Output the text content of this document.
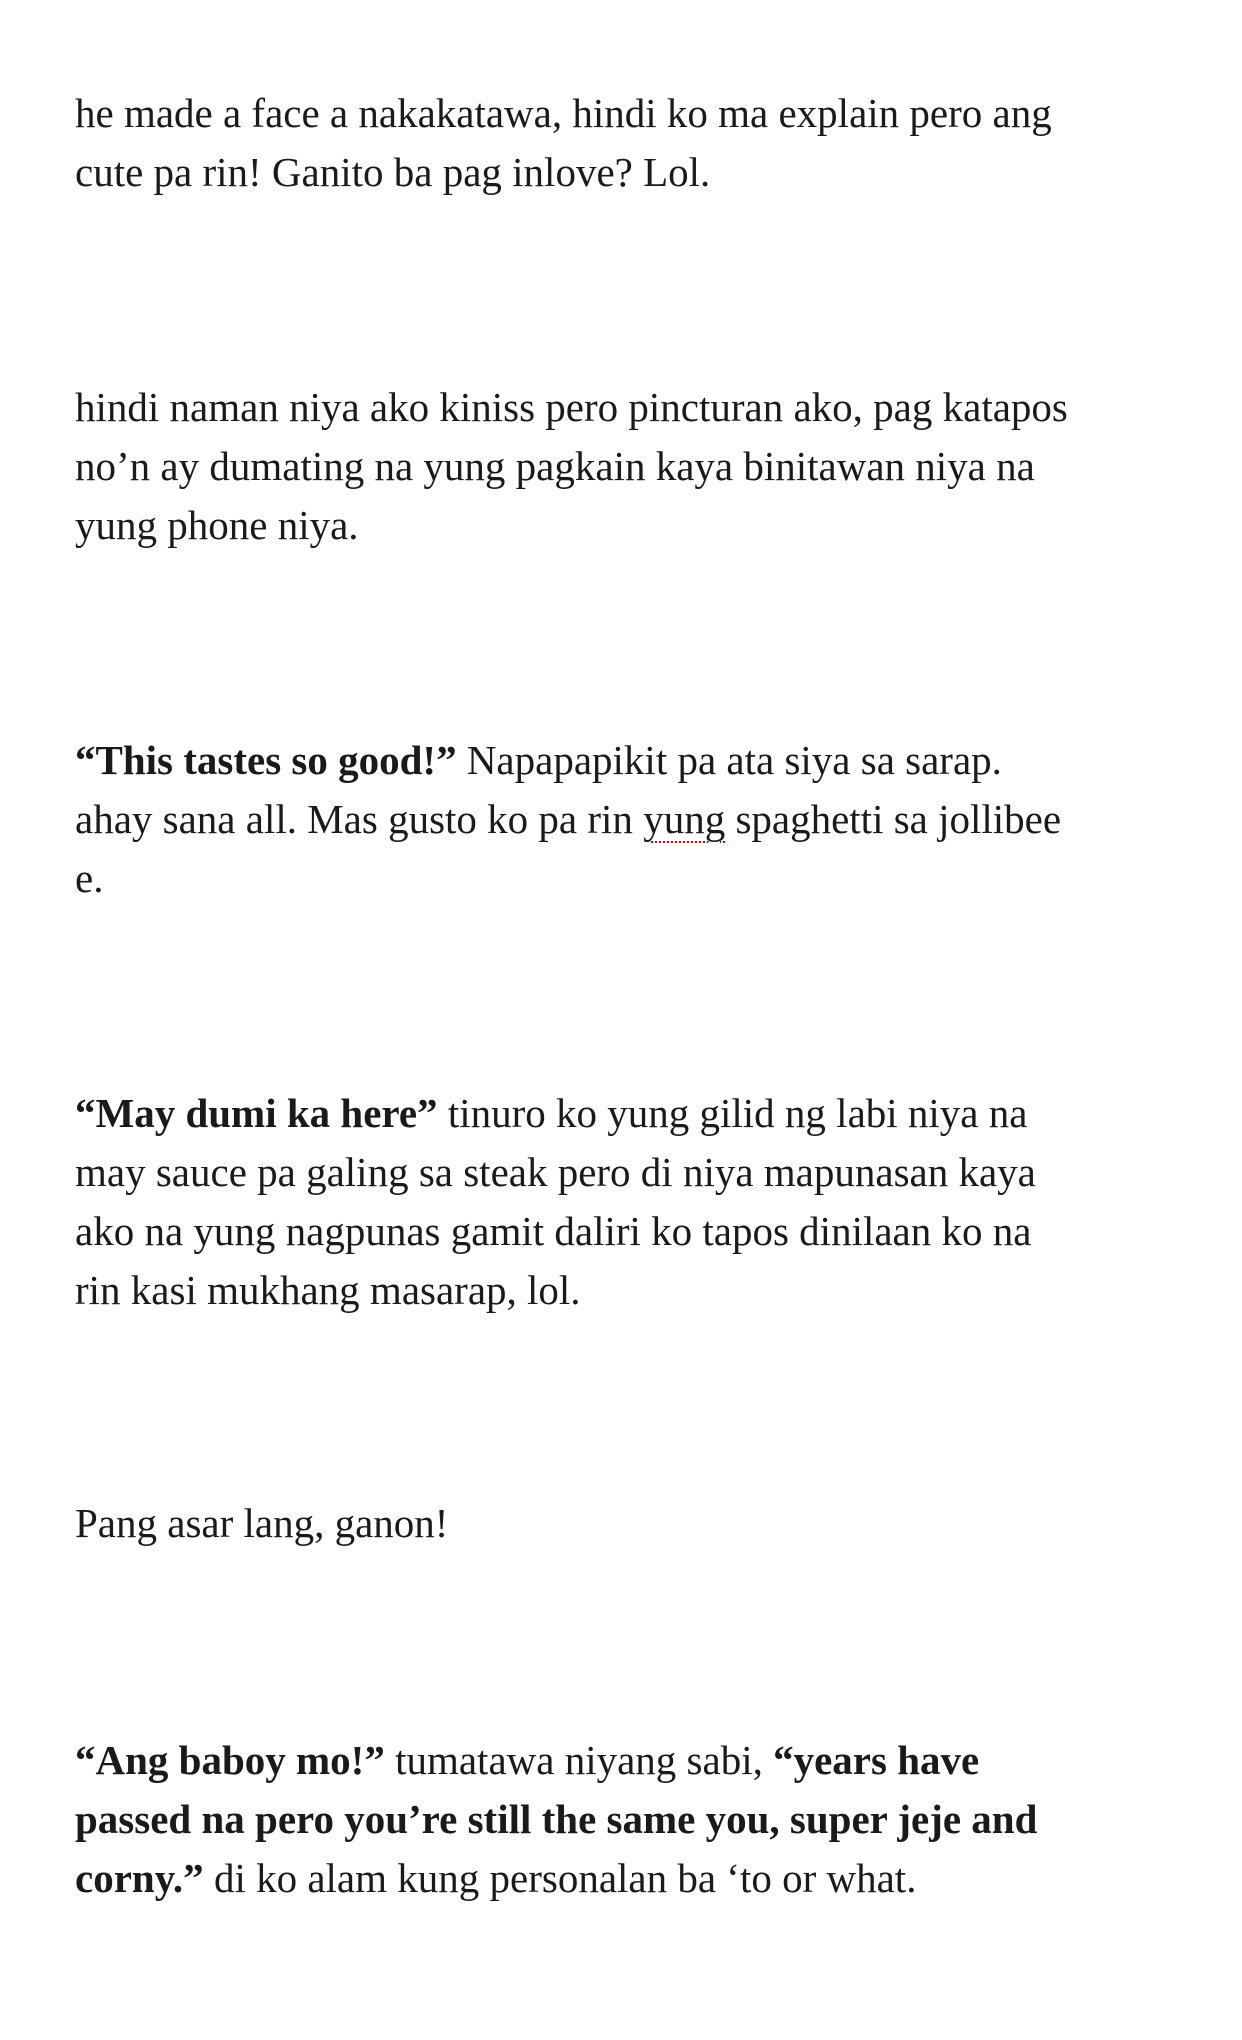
he made a face a nakakatawa, hindi ko ma explain pero ang
cute pa rin! Ganito ba pag inlove? Lol.

hindi naman niya ako kiniss pero pincturan ako, pag katapos
no’n ay dumating na yung pagkain kaya binitawan niya na
yung phone niya.

“This tastes so good!” Napapapikit pa ata siya sa sarap.
ahay sana all. Mas gusto ko pa rin yung spaghetti sa jollibee
e.

“May dumi ka here” tinuro ko yung gilid ng labi niya na
may sauce pa galing sa steak pero di niya mapunasan kaya
ako na yung nagpunas gamit daliri ko tapos dinilaan ko na
rin kasi mukhang masarap, lol.

Pang asar lang, ganon!

“Ang baboy mo!” tumatawa niyang sabi, “years have
passed na pero you’re still the same you, super jeje and
corny.” di ko alam kung personalan ba ‘to or what.
